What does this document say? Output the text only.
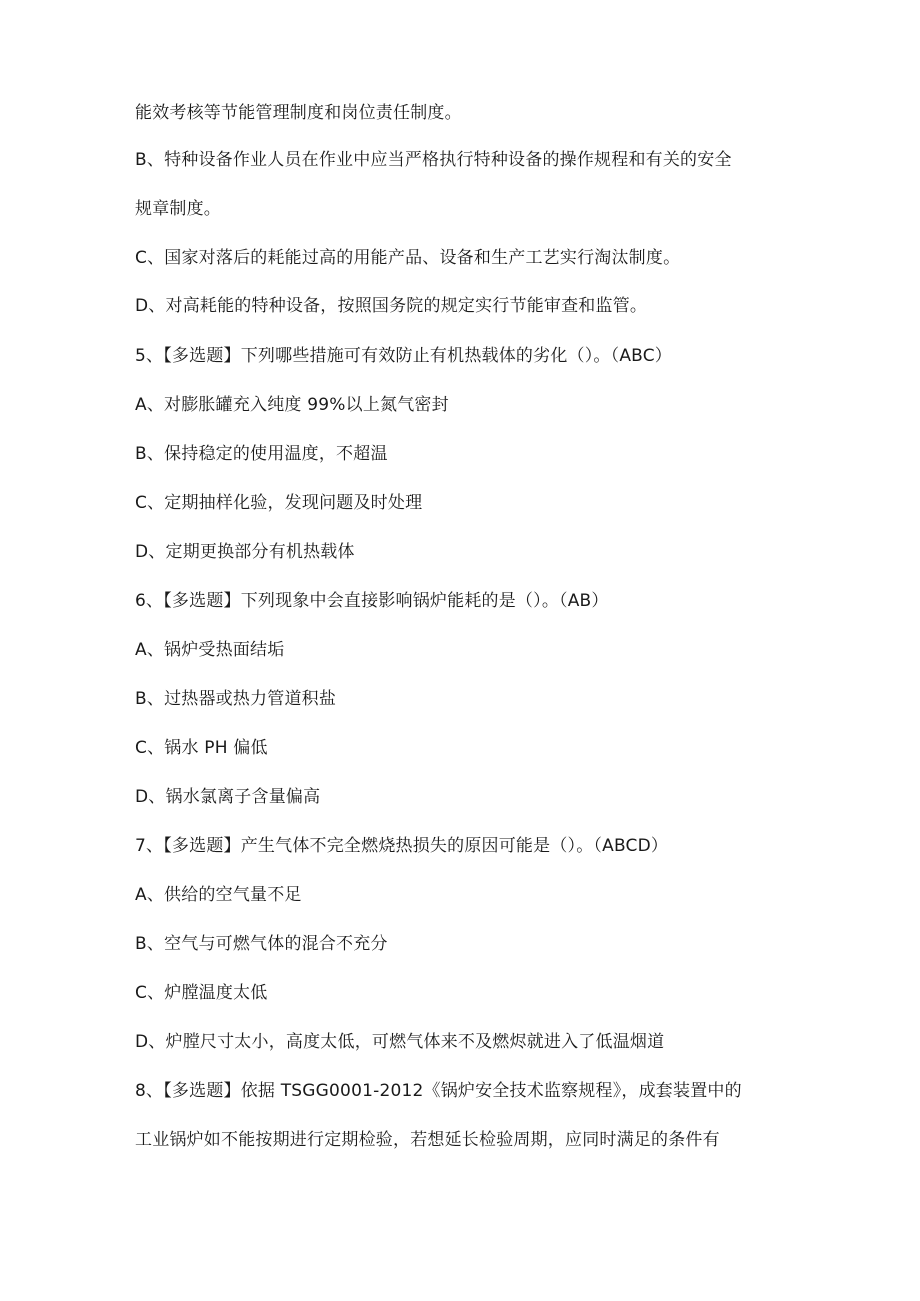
能效考核等节能管理制度和岗位责任制度。
B、特种设备作业人员在作业中应当严格执行特种设备的操作规程和有关的安全
规章制度。
C、国家对落后的耗能过高的用能产品、设备和生产工艺实行淘汰制度。
D、对高耗能的特种设备，按照国务院的规定实行节能审查和监管。
5、【多选题】下列哪些措施可有效防止有机热载体的劣化（）。（ABC）
A、对膨胀罐充入纯度 99%以上氮气密封
B、保持稳定的使用温度，不超温
C、定期抽样化验，发现问题及时处理
D、定期更换部分有机热载体
6、【多选题】下列现象中会直接影响锅炉能耗的是（）。（AB）
A、锅炉受热面结垢
B、过热器或热力管道积盐
C、锅水 PH 偏低
D、锅水氯离子含量偏高
7、【多选题】产生气体不完全燃烧热损失的原因可能是（）。（ABCD）
A、供给的空气量不足
B、空气与可燃气体的混合不充分
C、炉膛温度太低
D、炉膛尺寸太小，高度太低，可燃气体来不及燃烬就进入了低温烟道
8、【多选题】依据 TSGG0001-2012《锅炉安全技术监察规程》，成套装置中的
工业锅炉如不能按期进行定期检验，若想延长检验周期，应同时满足的条件有
